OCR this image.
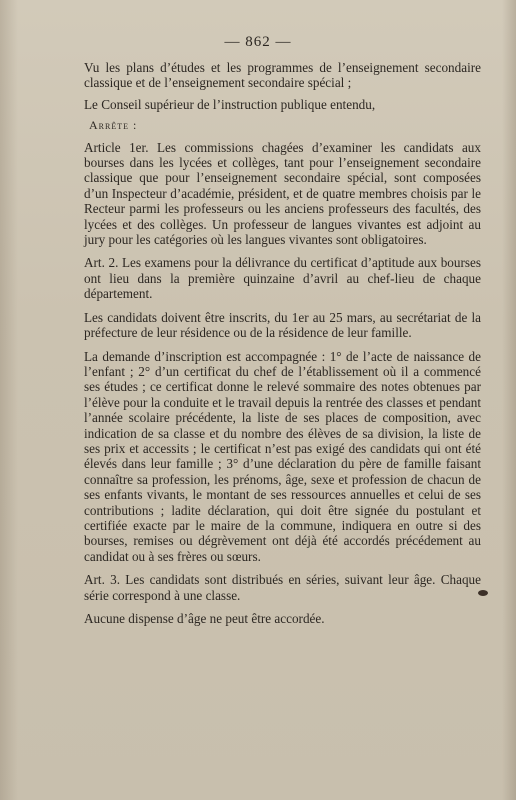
— 862 —

Vu les plans d’études et les programmes de l’enseignement secondaire classique et de l’enseignement secondaire spécial ;

Le Conseil supérieur de l’instruction publique entendu,

Arrête :

Article 1er. Les commissions chagées d’examiner les candidats aux bourses dans les lycées et collèges, tant pour l’enseignement secondaire classique que pour l’enseignement secondaire spécial, sont composées d’un Inspecteur d’académie, président, et de quatre membres choisis par le Recteur parmi les professeurs ou les anciens professeurs des facultés, des lycées et des collèges. Un professeur de langues vivantes est adjoint au jury pour les catégories où les langues vivantes sont obligatoires.

Art. 2. Les examens pour la délivrance du certificat d’aptitude aux bourses ont lieu dans la première quinzaine d’avril au chef-lieu de chaque département.

Les candidats doivent être inscrits, du 1er au 25 mars, au secrétariat de la préfecture de leur résidence ou de la résidence de leur famille.

La demande d’inscription est accompagnée : 1° de l’acte de naissance de l’enfant ; 2° d’un certificat du chef de l’établissement où il a commencé ses études ; ce certificat donne le relevé sommaire des notes obtenues par l’élève pour la conduite et le travail depuis la rentrée des classes et pendant l’année scolaire précédente, la liste de ses places de composition, avec indication de sa classe et du nombre des élèves de sa division, la liste de ses prix et accessits ; le certificat n’est pas exigé des candidats qui ont été élevés dans leur famille ; 3° d’une déclaration du père de famille faisant connaître sa profession, les prénoms, âge, sexe et profession de chacun de ses enfants vivants, le montant de ses ressources annuelles et celui de ses contributions ; ladite déclaration, qui doit être signée du postulant et certifiée exacte par le maire de la commune, indiquera en outre si des bourses, remises ou dégrèvement ont déjà été accordés précédement au candidat ou à ses frères ou sœurs.

Art. 3. Les candidats sont distribués en séries, suivant leur âge. Chaque série correspond à une classe.

Aucune dispense d’âge ne peut être accordée.
